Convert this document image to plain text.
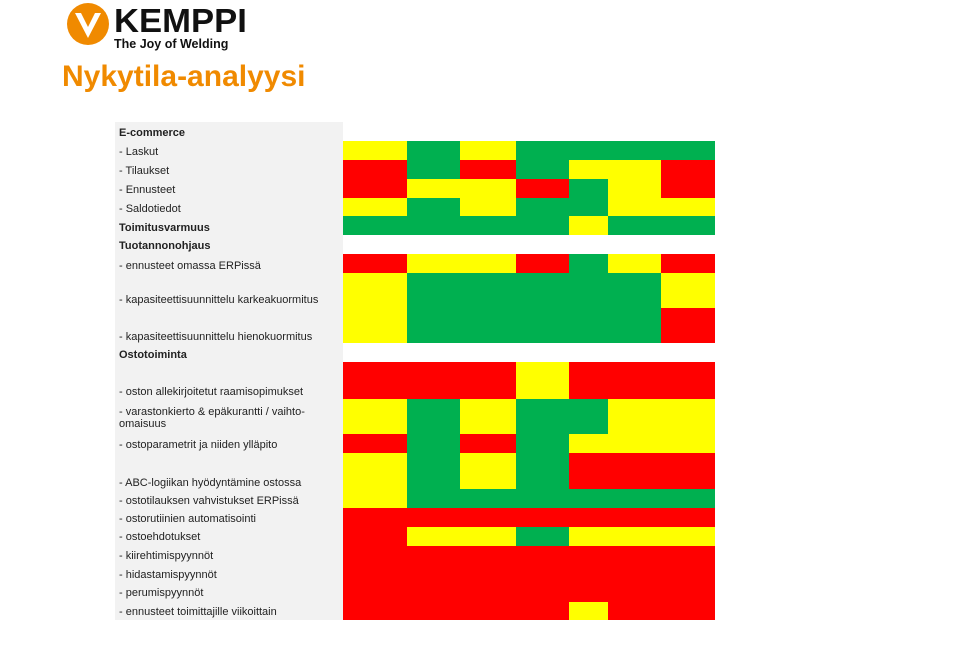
KEMPPI
The Joy of Welding
Nykytila-analyysi
E-commerce
- Laskut
- Tilaukset
- Ennusteet
- Saldotiedot
Toimitusvarmuus
Tuotannonohjaus
- ennusteet omassa ERPissä
- kapasiteettisuunnittelu karkeakuormitus
- kapasiteettisuunnittelu hienokuormitus
Ostotoiminta
- oston allekirjoitetut raamisopimukset
- varastonkierto & epäkurantti / vaihto-omaisuus
- ostoparametrit ja niiden ylläpito
- ABC-logiikan hyödyntämine ostossa
- ostotilauksen vahvistukset ERPissä
- ostorutiinien automatisointi
- ostoehdotukset
- kiirehtimispyynnöt
- hidastamispyynnöt
- perumispyynnöt
- ennusteet toimittajille viikoittain
